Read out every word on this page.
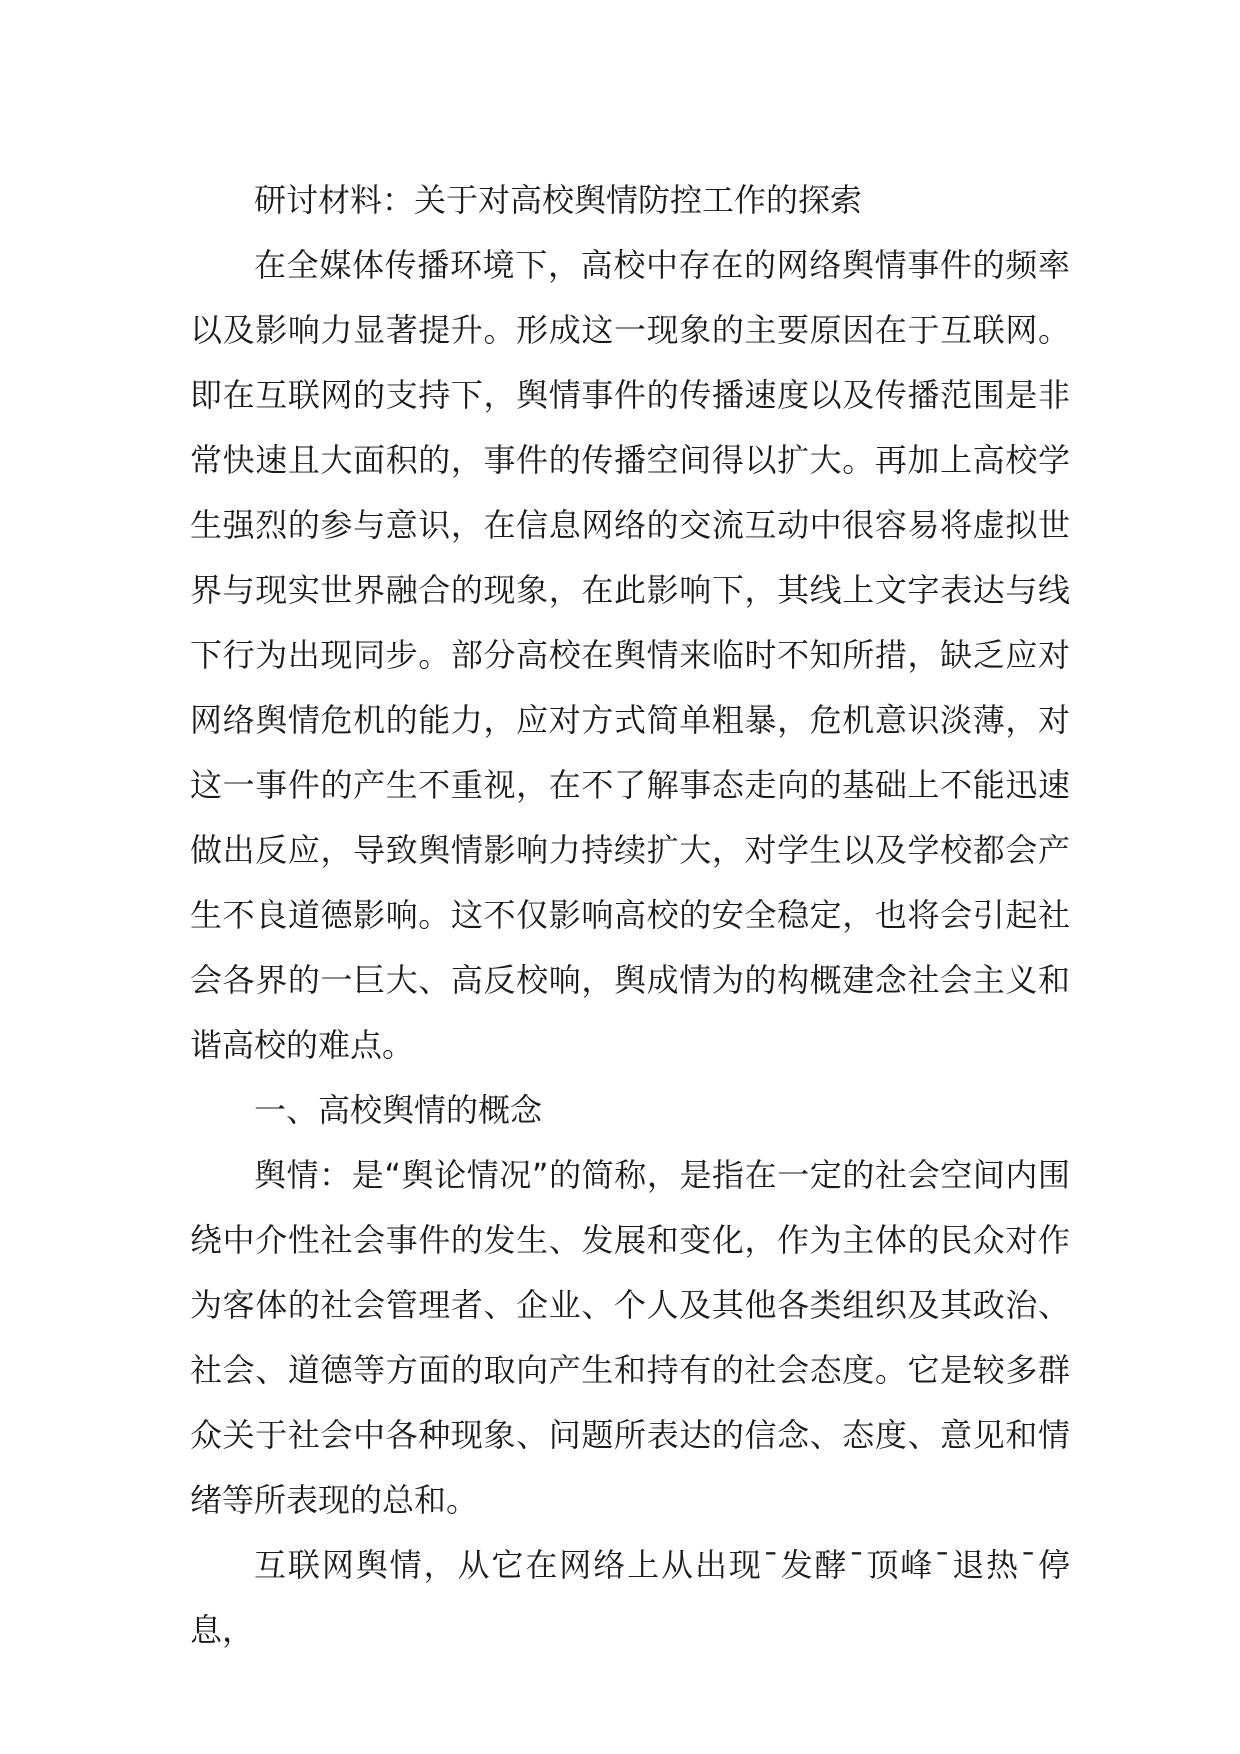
研讨材料：关于对高校舆情防控工作的探索

在全媒体传播环境下，高校中存在的网络舆情事件的频率以及影响力显著提升。形成这一现象的主要原因在于互联网。即在互联网的支持下，舆情事件的传播速度以及传播范围是非常快速且大面积的，事件的传播空间得以扩大。再加上高校学生强烈的参与意识，在信息网络的交流互动中很容易将虚拟世界与现实世界融合的现象，在此影响下，其线上文字表达与线下行为出现同步。部分高校在舆情来临时不知所措，缺乏应对网络舆情危机的能力，应对方式简单粗暴，危机意识淡薄，对这一事件的产生不重视，在不了解事态走向的基础上不能迅速做出反应，导致舆情影响力持续扩大，对学生以及学校都会产生不良道德影响。这不仅影响高校的安全稳定，也将会引起社会各界的一巨大、高反校响，舆成情为的构概建念社会主义和谐高校的难点。

一、高校舆情的概念

舆情：是“舆论情况”的简称，是指在一定的社会空间内围绕中介性社会事件的发生、发展和变化，作为主体的民众对作为客体的社会管理者、企业、个人及其他各类组织及其政治、社会、道德等方面的取向产生和持有的社会态度。它是较多群众关于社会中各种现象、问题所表达的信念、态度、意见和情绪等所表现的总和。

互联网舆情，从它在网络上从出现¯发酵¯顶峰¯退热¯停息，
